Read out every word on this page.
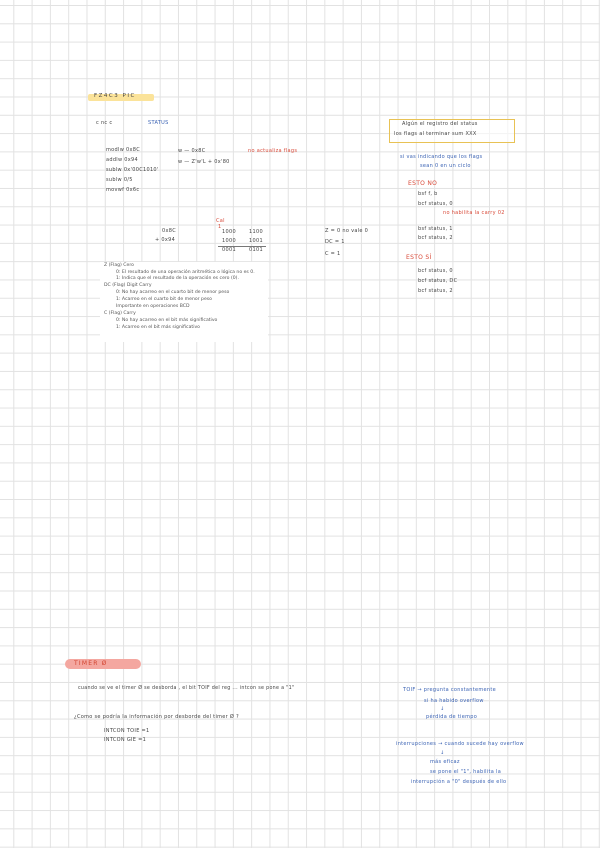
FZ4C3 PIC
c nc c	STATUS
modlw 0x8C
addlw 0x94
sublw 0x'00C1010'
sublw 0/5
movwf 0x6c
w — 0x8C	no actualiza flags
w — Z'w'L + 0x'80
0x8C
+ 0x94
Cal
1
1000	1100
1000	1001
0001	0101
Z = 0 no vale 0
DC = 1
C = 1
Z (Flag) Cero
0: El resultado de una operación aritmética o lógica no es 0.
1: Indica que el resultado de la operación es cero (0).
DC (Flag) Digit Carry
0: No hay acarreo en el cuarto bit de menor peso
1: Acarreo en el cuarto bit de menor peso
Importante en operaciones BCD
C (Flag) Carry
0: No hay acarreo en el bit más significativo
1: Acarreo en el bit más significativo
Algún el registro del status
los flags al terminar sum XXX
si vas indicando que los flags
sean 0 en un ciclo
ESTO NO
bsf f, b
bcf status, 0
no habilita la carry 02
bsf status, 1
bcf status, 2
ESTO SÍ
bcf status, 0
bcf status, DC
bcf status, 2
TIMER Ø
cuando se ve el timer Ø se desborda , el bit TOIF del reg ... intcon se pone a "1"
¿Como se podría la información por desborde del timer Ø ?
INTCON TOIE =1
INTCON GIE =1
TOIF → pregunta constantemente
si ha habido overflow
↓
pérdida de tiempo
interrupciones → cuando sucede hay overflow
↓
más eficaz
se pone el "1", habilita la
interrupción a "0" después de ello
